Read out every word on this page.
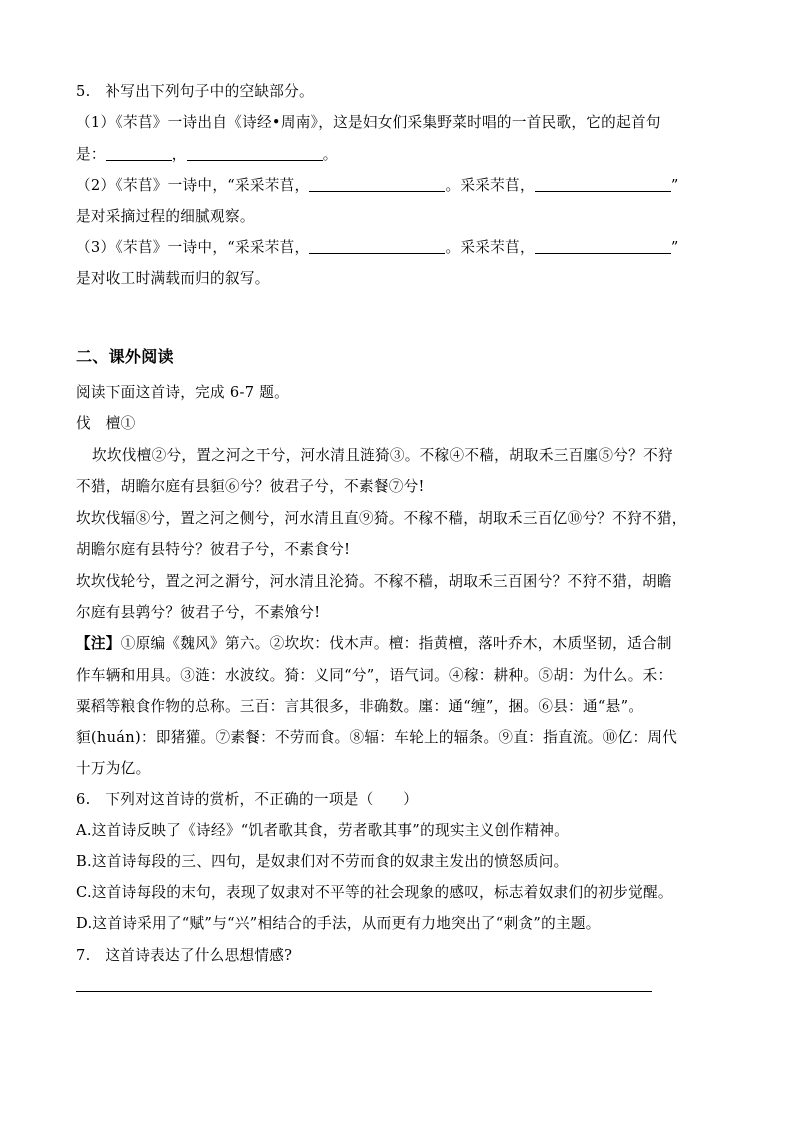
5.　补写出下列句子中的空缺部分。
（1）《芣苢》一诗出自《诗经•周南》，这是妇女们采集野菜时唱的一首民歌，它的起首句
是：	，	。
（2）《芣苢》一诗中，“采采芣苢，	。采采芣苢，	”
是对采摘过程的细腻观察。
（3）《芣苢》一诗中，“采采芣苢，	。采采芣苢，	”
是对收工时满载而归的叙写。
二、课外阅读
阅读下面这首诗，完成 6-7 题。
伐　檀①
坎坎伐檀②兮，置之河之干兮，河水清且涟猗③。不稼④不穑，胡取禾三百廛⑤兮？不狩
不猎，胡瞻尔庭有县貆⑥兮？彼君子兮，不素餐⑦兮!
坎坎伐辐⑧兮，置之河之侧兮，河水清且直⑨猗。不稼不穑，胡取禾三百亿⑩兮？不狩不猎，
胡瞻尔庭有县特兮？彼君子兮，不素食兮!
坎坎伐轮兮，置之河之漘兮，河水清且沦猗。不稼不穑，胡取禾三百囷兮？不狩不猎，胡瞻
尔庭有县鹑兮？彼君子兮，不素飧兮!
【注】①原编《魏风》第六。②坎坎：伐木声。檀：指黄檀，落叶乔木，木质坚韧，适合制
作车辆和用具。③涟：水波纹。猗：义同“兮”，语气词。④稼：耕种。⑤胡：为什么。禾：
粟稻等粮食作物的总称。三百：言其很多，非确数。廛：通“缠”，捆。⑥县：通“悬”。
貆(huán)：即猪獾。⑦素餐：不劳而食。⑧辐：车轮上的辐条。⑨直：指直流。⑩亿：周代
十万为亿。
6.　下列对这首诗的赏析，不正确的一项是（　　）
A.这首诗反映了《诗经》“饥者歌其食，劳者歌其事”的现实主义创作精神。
B.这首诗每段的三、四句，是奴隶们对不劳而食的奴隶主发出的愤怒质问。
C.这首诗每段的末句，表现了奴隶对不平等的社会现象的感叹，标志着奴隶们的初步觉醒。
D.这首诗采用了“赋”与“兴”相结合的手法，从而更有力地突出了“刺贪”的主题。
7.　这首诗表达了什么思想情感?
